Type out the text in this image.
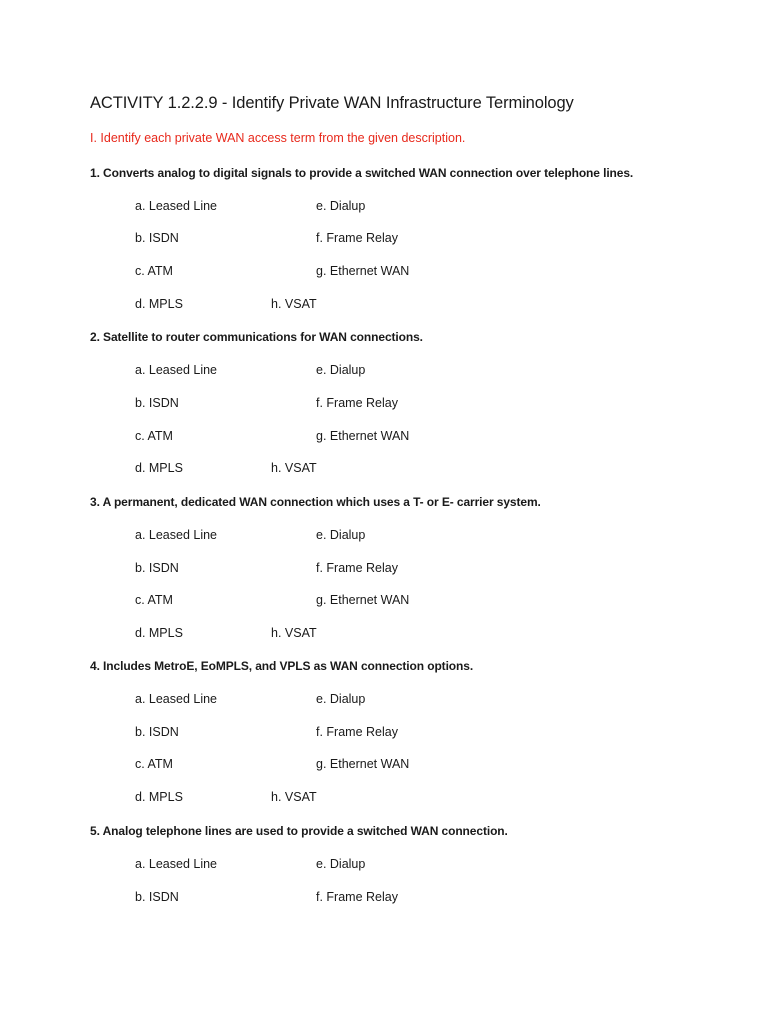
ACTIVITY 1.2.2.9 - Identify Private WAN Infrastructure Terminology

I. Identify each private WAN access term from the given description.

1. Converts analog to digital signals to provide a switched WAN connection over telephone lines.

a. Leased Line	e. Dialup

b. ISDN	f. Frame Relay

c. ATM	g. Ethernet WAN

d. MPLS	h. VSAT

2. Satellite to router communications for WAN connections.

a. Leased Line	e. Dialup

b. ISDN	f. Frame Relay

c. ATM	g. Ethernet WAN

d. MPLS	h. VSAT

3. A permanent, dedicated WAN connection which uses a T- or E- carrier system.

a. Leased Line	e. Dialup

b. ISDN	f. Frame Relay

c. ATM	g. Ethernet WAN

d. MPLS	h. VSAT

4. Includes MetroE, EoMPLS, and VPLS as WAN connection options.

a. Leased Line	e. Dialup

b. ISDN	f. Frame Relay

c. ATM	g. Ethernet WAN

d. MPLS	h. VSAT

5. Analog telephone lines are used to provide a switched WAN connection.

a. Leased Line	e. Dialup

b. ISDN	f. Frame Relay
